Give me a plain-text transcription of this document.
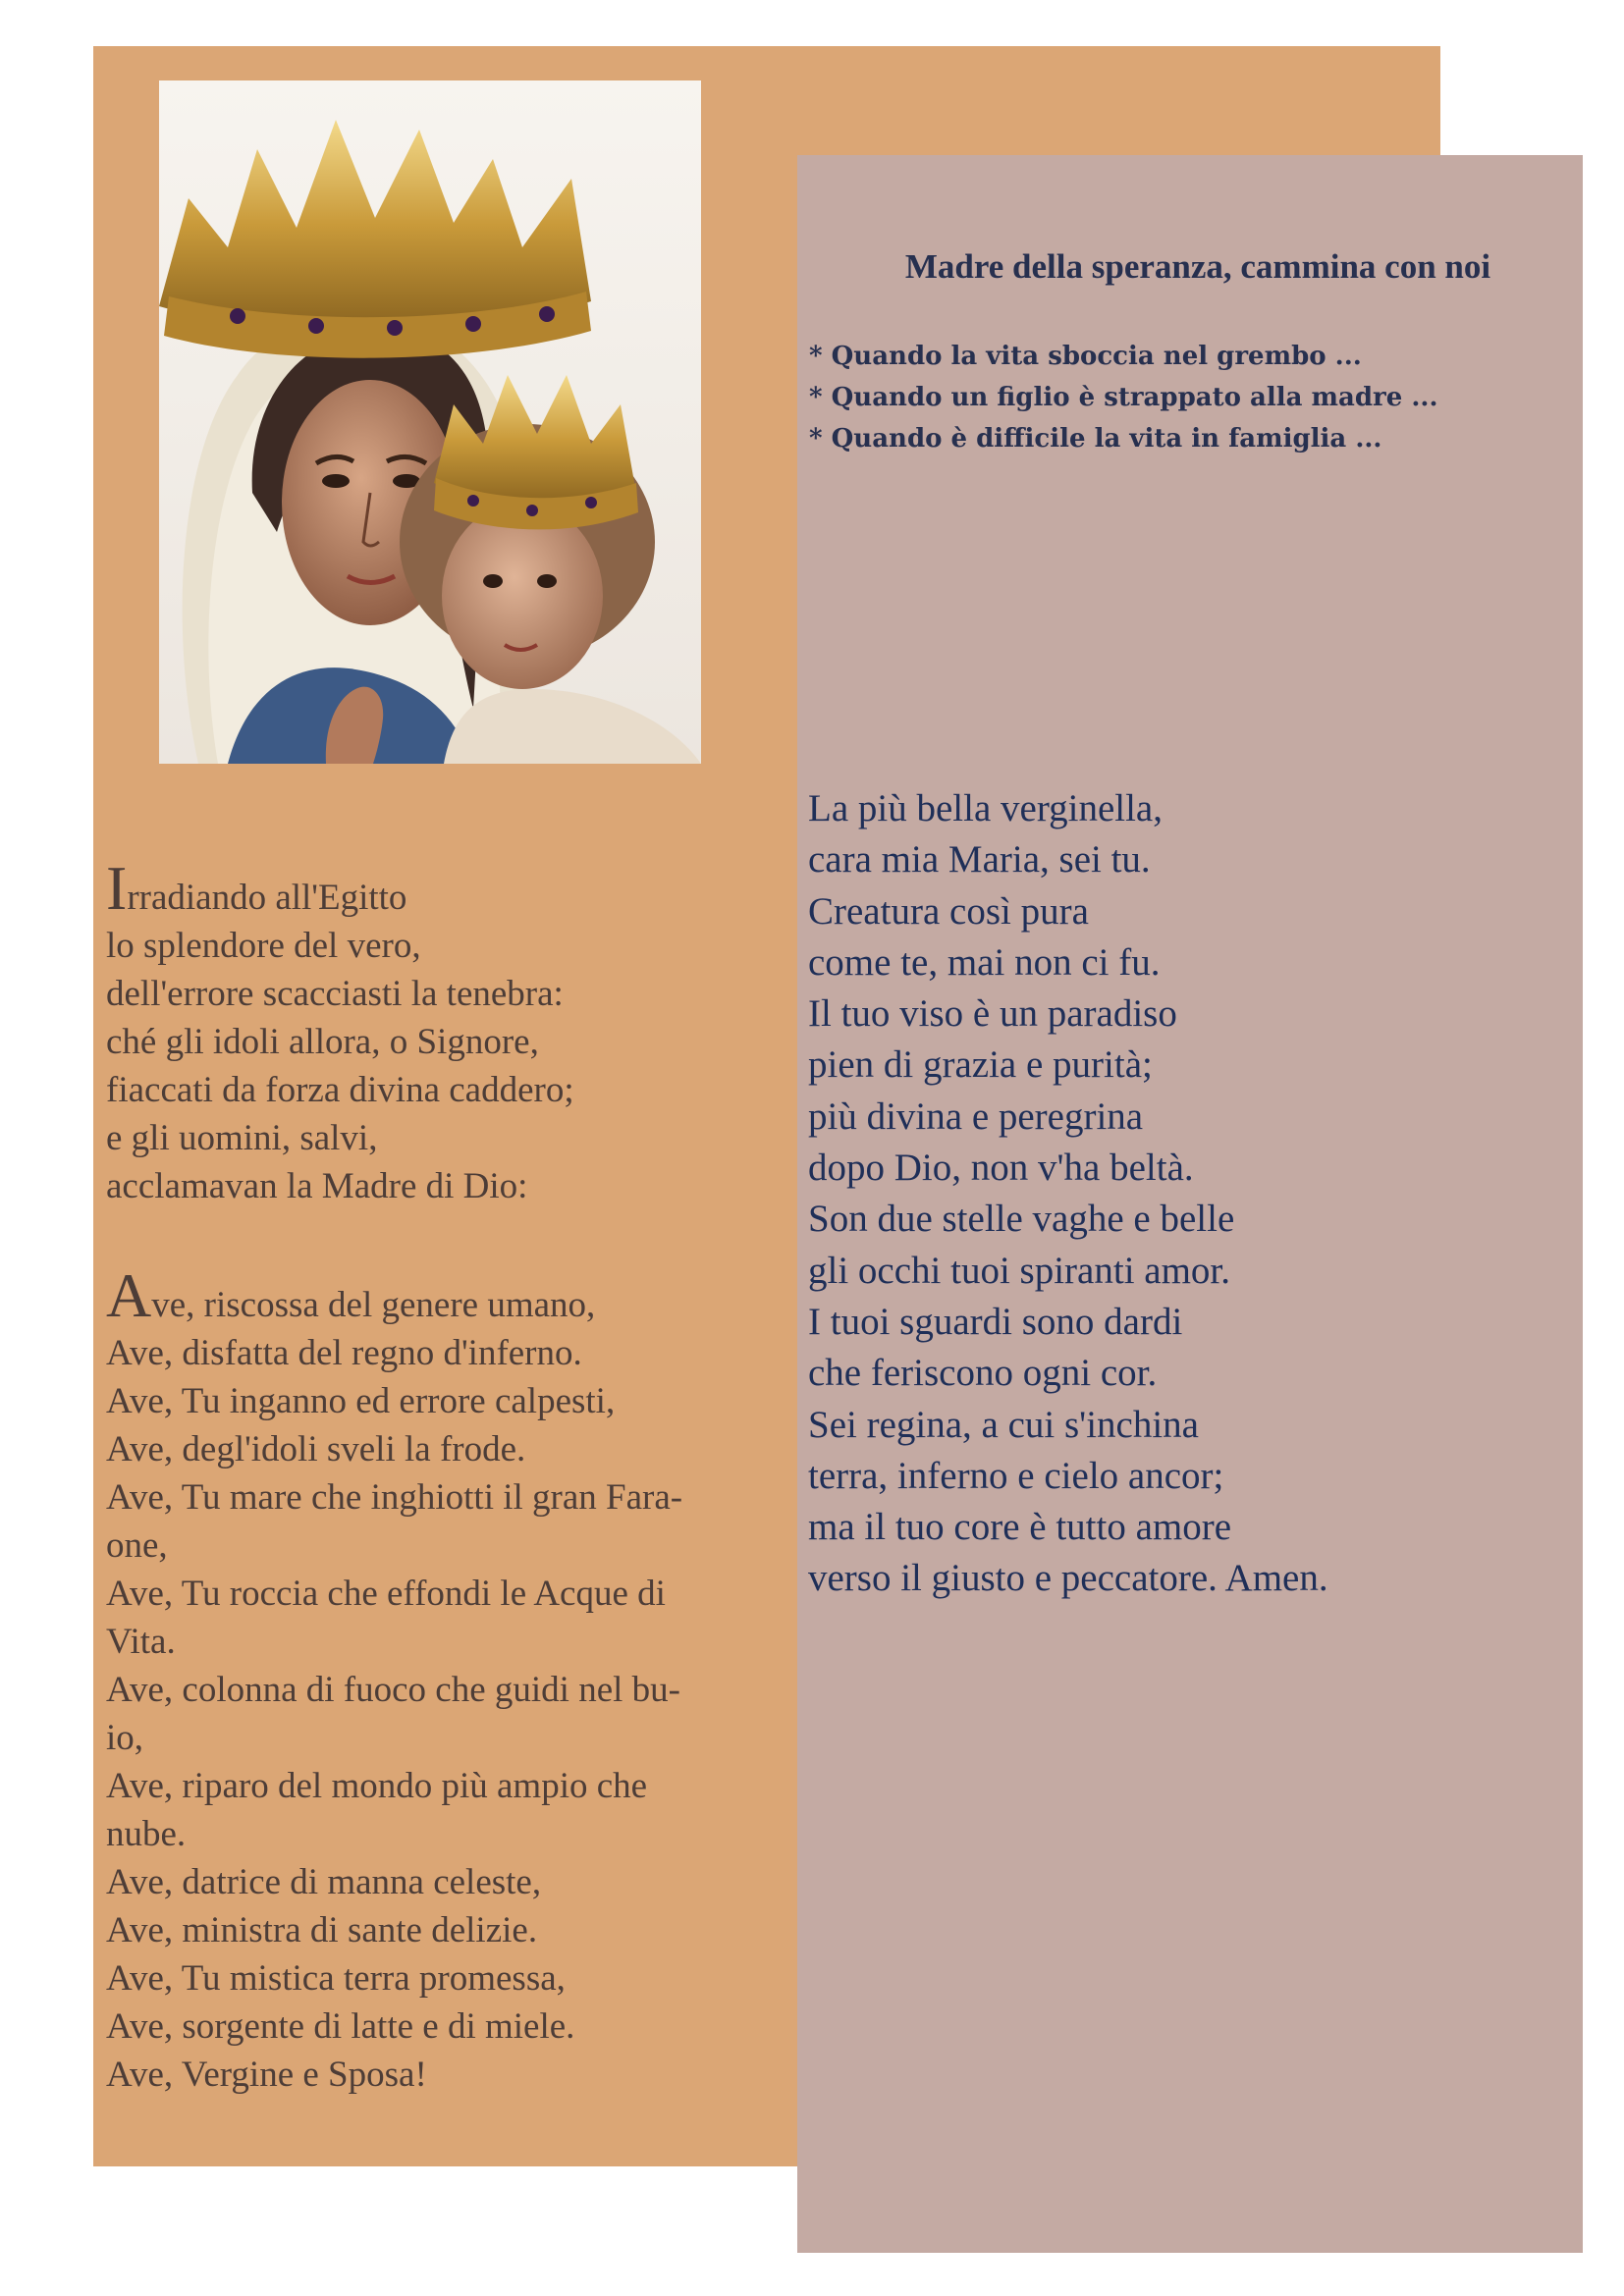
Madre della speranza, cammina con noi
* Quando la vita sboccia nel grembo ...
* Quando un figlio è strappato alla madre ...
* Quando è difficile la vita in famiglia ...
La più bella verginella,
cara mia Maria, sei tu.
Creatura così pura
come te, mai non ci fu.
Il tuo viso è un paradiso
pien di grazia e purità;
più divina e peregrina
dopo Dio, non v'ha beltà.
Son due stelle vaghe e belle
gli occhi tuoi spiranti amor.
I tuoi sguardi sono dardi
che feriscono ogni cor.
Sei regina, a cui s'inchina
terra, inferno e cielo ancor;
ma il tuo core è tutto amore
verso il giusto e peccatore. Amen.
Irradiando all'Egitto
lo splendore del vero,
dell'errore scacciasti la tenebra:
ché gli idoli allora, o Signore,
fiaccati da forza divina caddero;
e gli uomini, salvi,
acclamavan la Madre di Dio:
Ave, riscossa del genere umano,
Ave, disfatta del regno d'inferno.
Ave, Tu inganno ed errore calpesti,
Ave, degl'idoli sveli la frode.
Ave, Tu mare che inghiotti il gran Fara-
one,
Ave, Tu roccia che effondi le Acque di
Vita.
Ave, colonna di fuoco che guidi nel bu-
io,
Ave, riparo del mondo più ampio che
nube.
Ave, datrice di manna celeste,
Ave, ministra di sante delizie.
Ave, Tu mistica terra promessa,
Ave, sorgente di latte e di miele.
Ave, Vergine e Sposa!
